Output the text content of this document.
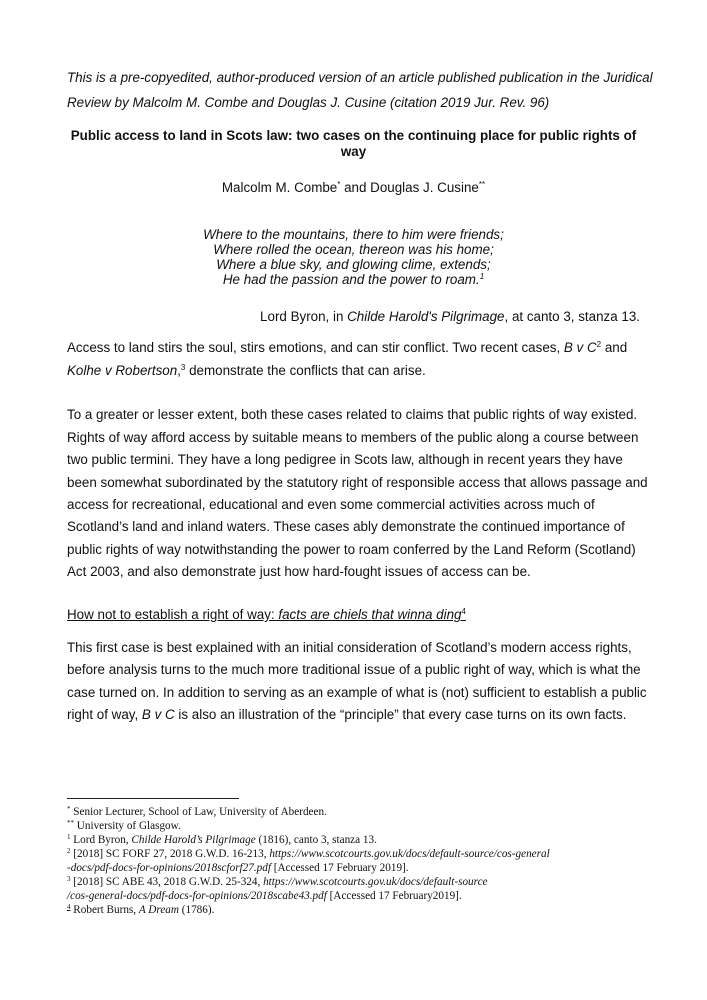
This is a pre-copyedited, author-produced version of an article published publication in the Juridical
Review by Malcolm M. Combe and Douglas J. Cusine (citation 2019 Jur. Rev. 96)
Public access to land in Scots law: two cases on the continuing place for public rights of
way
Malcolm M. Combe* and Douglas J. Cusine**
Where to the mountains, there to him were friends;
Where rolled the ocean, thereon was his home;
Where a blue sky, and glowing clime, extends;
He had the passion and the power to roam.$^1$
Lord Byron, in Childe Harold's Pilgrimage, at canto 3, stanza 13.
Access to land stirs the soul, stirs emotions, and can stir conflict. Two recent cases, B v $C^2$ and
Kolhe v Robertson,$^3$ demonstrate the conflicts that can arise.
To a greater or lesser extent, both these cases related to claims that public rights of way existed.
Rights of way afford access by suitable means to members of the public along a course between
two public termini. They have a long pedigree in Scots law, although in recent years they have
been somewhat subordinated by the statutory right of responsible access that allows passage and
access for recreational, educational and even some commercial activities across much of
Scotland’s land and inland waters. These cases ably demonstrate the continued importance of
public rights of way notwithstanding the power to roam conferred by the Land Reform (Scotland)
Act 2003, and also demonstrate just how hard-fought issues of access can be.
How not to establish a right of way: facts are chiels that winna ding$^4$
This first case is best explained with an initial consideration of Scotland’s modern access rights,
before analysis turns to the much more traditional issue of a public right of way, which is what the
case turned on. In addition to serving as an example of what is (not) sufficient to establish a public
right of way, B v C is also an illustration of the “principle” that every case turns on its own facts.
* Senior Lecturer, School of Law, University of Aberdeen.
** University of Glasgow.
$^1$ Lord Byron, Childe Harold’s Pilgrimage (1816), canto 3, stanza 13.
$^2$ [2018] SC FORF 27, 2018 G.W.D. 16-213, https://www.scotcourts.gov.uk/docs/default-source/cos-general
-docs/pdf-docs-for-opinions/2018scforf27.pdf [Accessed 17 February 2019].
$^3$ [2018] SC ABE 43, 2018 G.W.D. 25-324, https://www.scotcourts.gov.uk/docs/default-source
/cos-general-docs/pdf-docs-for-opinions/2018scabe43.pdf [Accessed 17 February2019].
$^4$ Robert Burns, A Dream (1786).
